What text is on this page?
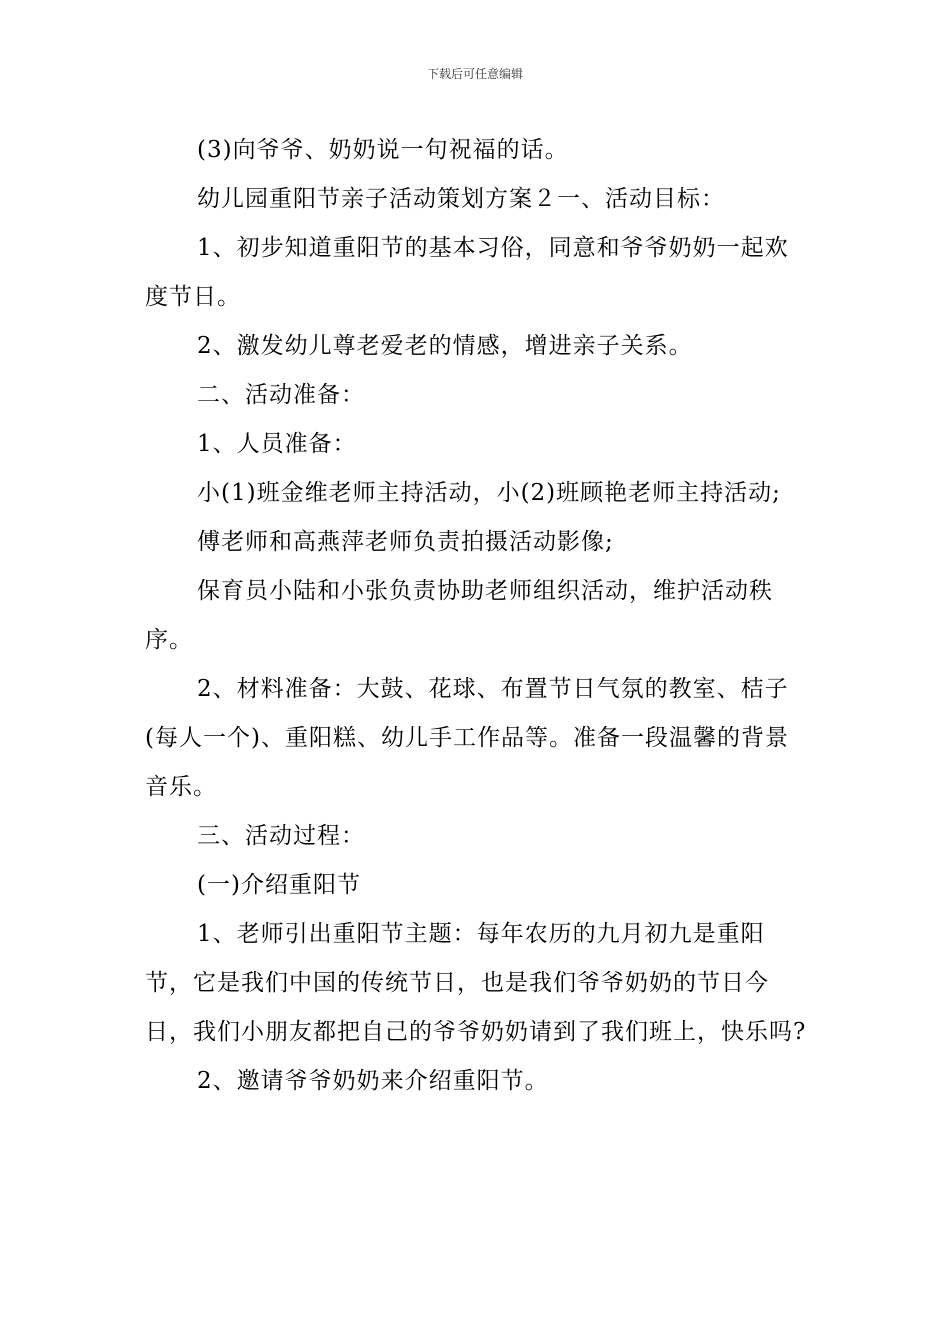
下载后可任意编辑

(3)向爷爷、奶奶说一句祝福的话。

幼儿园重阳节亲子活动策划方案２一、活动目标：

1、初步知道重阳节的基本习俗，同意和爷爷奶奶一起欢度节日。

2、激发幼儿尊老爱老的情感，增进亲子关系。

二、活动准备：

1、人员准备：

小(1)班金维老师主持活动，小(2)班顾艳老师主持活动;

傅老师和高燕萍老师负责拍摄活动影像;

保育员小陆和小张负责协助老师组织活动，维护活动秩序。

2、材料准备：大鼓、花球、布置节日气氛的教室、桔子(每人一个)、重阳糕、幼儿手工作品等。准备一段温馨的背景音乐。

三、活动过程：

(一)介绍重阳节

1、老师引出重阳节主题：每年农历的九月初九是重阳节，它是我们中国的传统节日，也是我们爷爷奶奶的节日今日，我们小朋友都把自己的爷爷奶奶请到了我们班上，快乐吗?

2、邀请爷爷奶奶来介绍重阳节。
